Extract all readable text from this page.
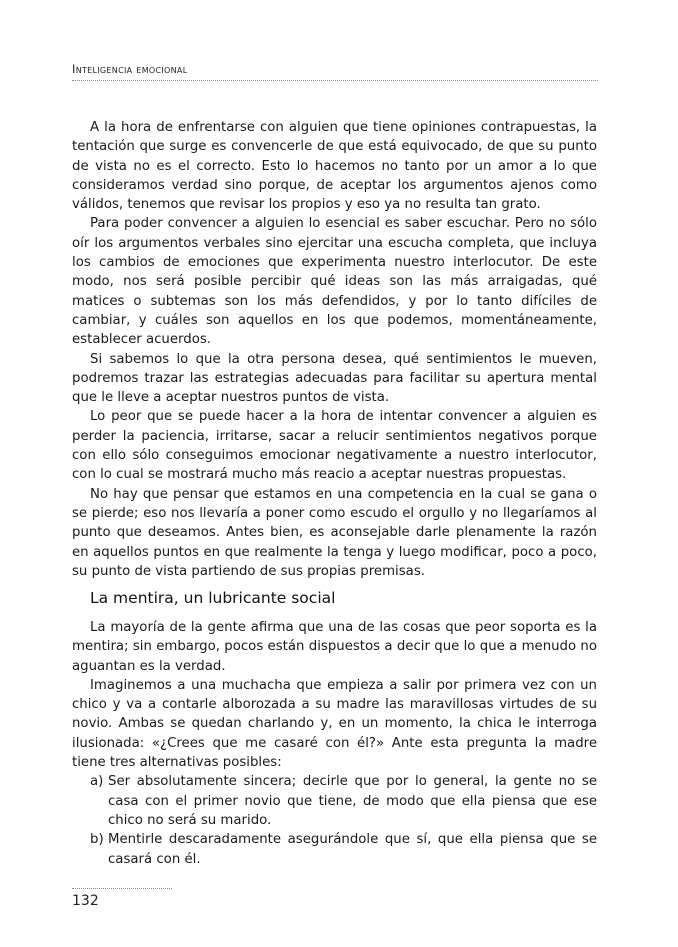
Inteligencia emocional

A la hora de enfrentarse con alguien que tiene opiniones contrapuestas, la tentación que surge es convencerle de que está equivocado, de que su punto de vista no es el correcto. Esto lo hacemos no tanto por un amor a lo que consideramos verdad sino porque, de aceptar los argumentos ajenos como válidos, tenemos que revisar los propios y eso ya no resulta tan grato.

Para poder convencer a alguien lo esencial es saber escuchar. Pero no sólo oír los argumentos verbales sino ejercitar una escucha completa, que incluya los cambios de emociones que experimenta nuestro interlocutor. De este modo, nos será posible percibir qué ideas son las más arraigadas, qué matices o subtemas son los más defendidos, y por lo tanto difíciles de cambiar, y cuáles son aquellos en los que podemos, momentáneamente, establecer acuerdos.

Si sabemos lo que la otra persona desea, qué sentimientos le mueven, podremos trazar las estrategias adecuadas para facilitar su apertura mental que le lleve a aceptar nuestros puntos de vista.

Lo peor que se puede hacer a la hora de intentar convencer a alguien es perder la paciencia, irritarse, sacar a relucir sentimientos negativos porque con ello sólo conseguimos emocionar negativamente a nuestro interlocutor, con lo cual se mostrará mucho más reacio a aceptar nuestras propuestas.

No hay que pensar que estamos en una competencia en la cual se gana o se pierde; eso nos llevaría a poner como escudo el orgullo y no llegaríamos al punto que deseamos. Antes bien, es aconsejable darle plenamente la razón en aquellos puntos en que realmente la tenga y luego modificar, poco a poco, su punto de vista partiendo de sus propias premisas.

La mentira, un lubricante social

La mayoría de la gente afirma que una de las cosas que peor soporta es la mentira; sin embargo, pocos están dispuestos a decir que lo que a menudo no aguantan es la verdad.

Imaginemos a una muchacha que empieza a salir por primera vez con un chico y va a contarle alborozada a su madre las maravillosas virtudes de su novio. Ambas se quedan charlando y, en un momento, la chica le interroga ilusionada: «¿Crees que me casaré con él?» Ante esta pregunta la madre tiene tres alternativas posibles:

a) Ser absolutamente sincera; decirle que por lo general, la gente no se casa con el primer novio que tiene, de modo que ella piensa que ese chico no será su marido.
b) Mentirle descaradamente asegurándole que sí, que ella piensa que se casará con él.
132
